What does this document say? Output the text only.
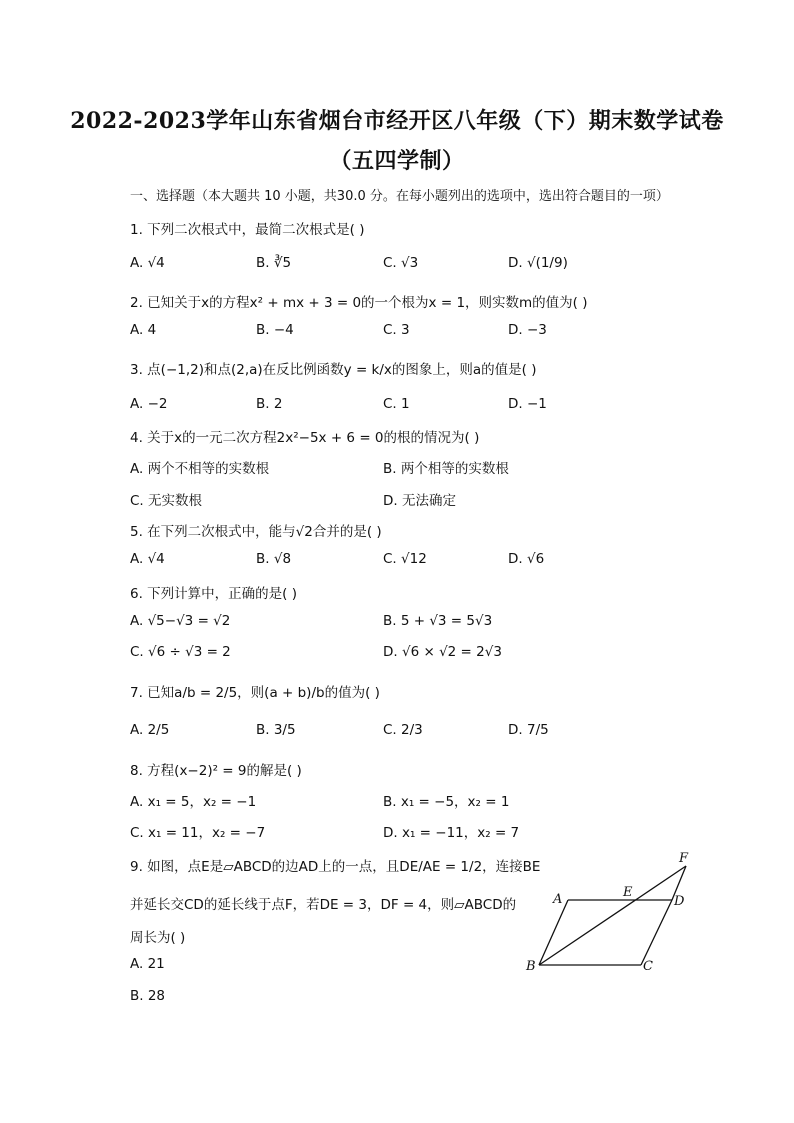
2022-2023学年山东省烟台市经开区八年级（下）期末数学试卷
（五四学制）
一、选择题（本大题共 10 小题，共30.0 分。在每小题列出的选项中，选出符合题目的一项）
1. 下列二次根式中，最简二次根式是( )
A. √4	B. ∛5	C. √3	D. √(1/9)
2. 已知关于x的方程x² + mx + 3 = 0的一个根为x = 1，则实数m的值为( )
A. 4	B. −4	C. 3	D. −3
3. 点(−1,2)和点(2,a)在反比例函数y = k/x的图象上，则a的值是( )
A. −2	B. 2	C. 1	D. −1
4. 关于x的一元二次方程2x²−5x + 6 = 0的根的情况为( )
A. 两个不相等的实数根	B. 两个相等的实数根
C. 无实数根	D. 无法确定
5. 在下列二次根式中，能与√2合并的是( )
A. √4	B. √8	C. √12	D. √6
6. 下列计算中，正确的是( )
A. √5−√3 = √2	B. 5 + √3 = 5√3
C. √6 ÷ √3 = 2	D. √6 × √2 = 2√3
7. 已知a/b = 2/5，则(a + b)/b的值为( )
A. 2/5	B. 3/5	C. 2/3	D. 7/5
8. 方程(x−2)² = 9的解是( )
A. x₁ = 5，x₂ = −1	B. x₁ = −5，x₂ = 1
C. x₁ = 11，x₂ = −7	D. x₁ = −11，x₂ = 7
9. 如图，点E是▱ABCD的边AD上的一点，且DE/AE = 1/2，连接BE
并延长交CD的延长线于点F，若DE = 3，DF = 4，则▱ABCD的
周长为( )
A. 21
B. 28
A	E
D
F
B	C
